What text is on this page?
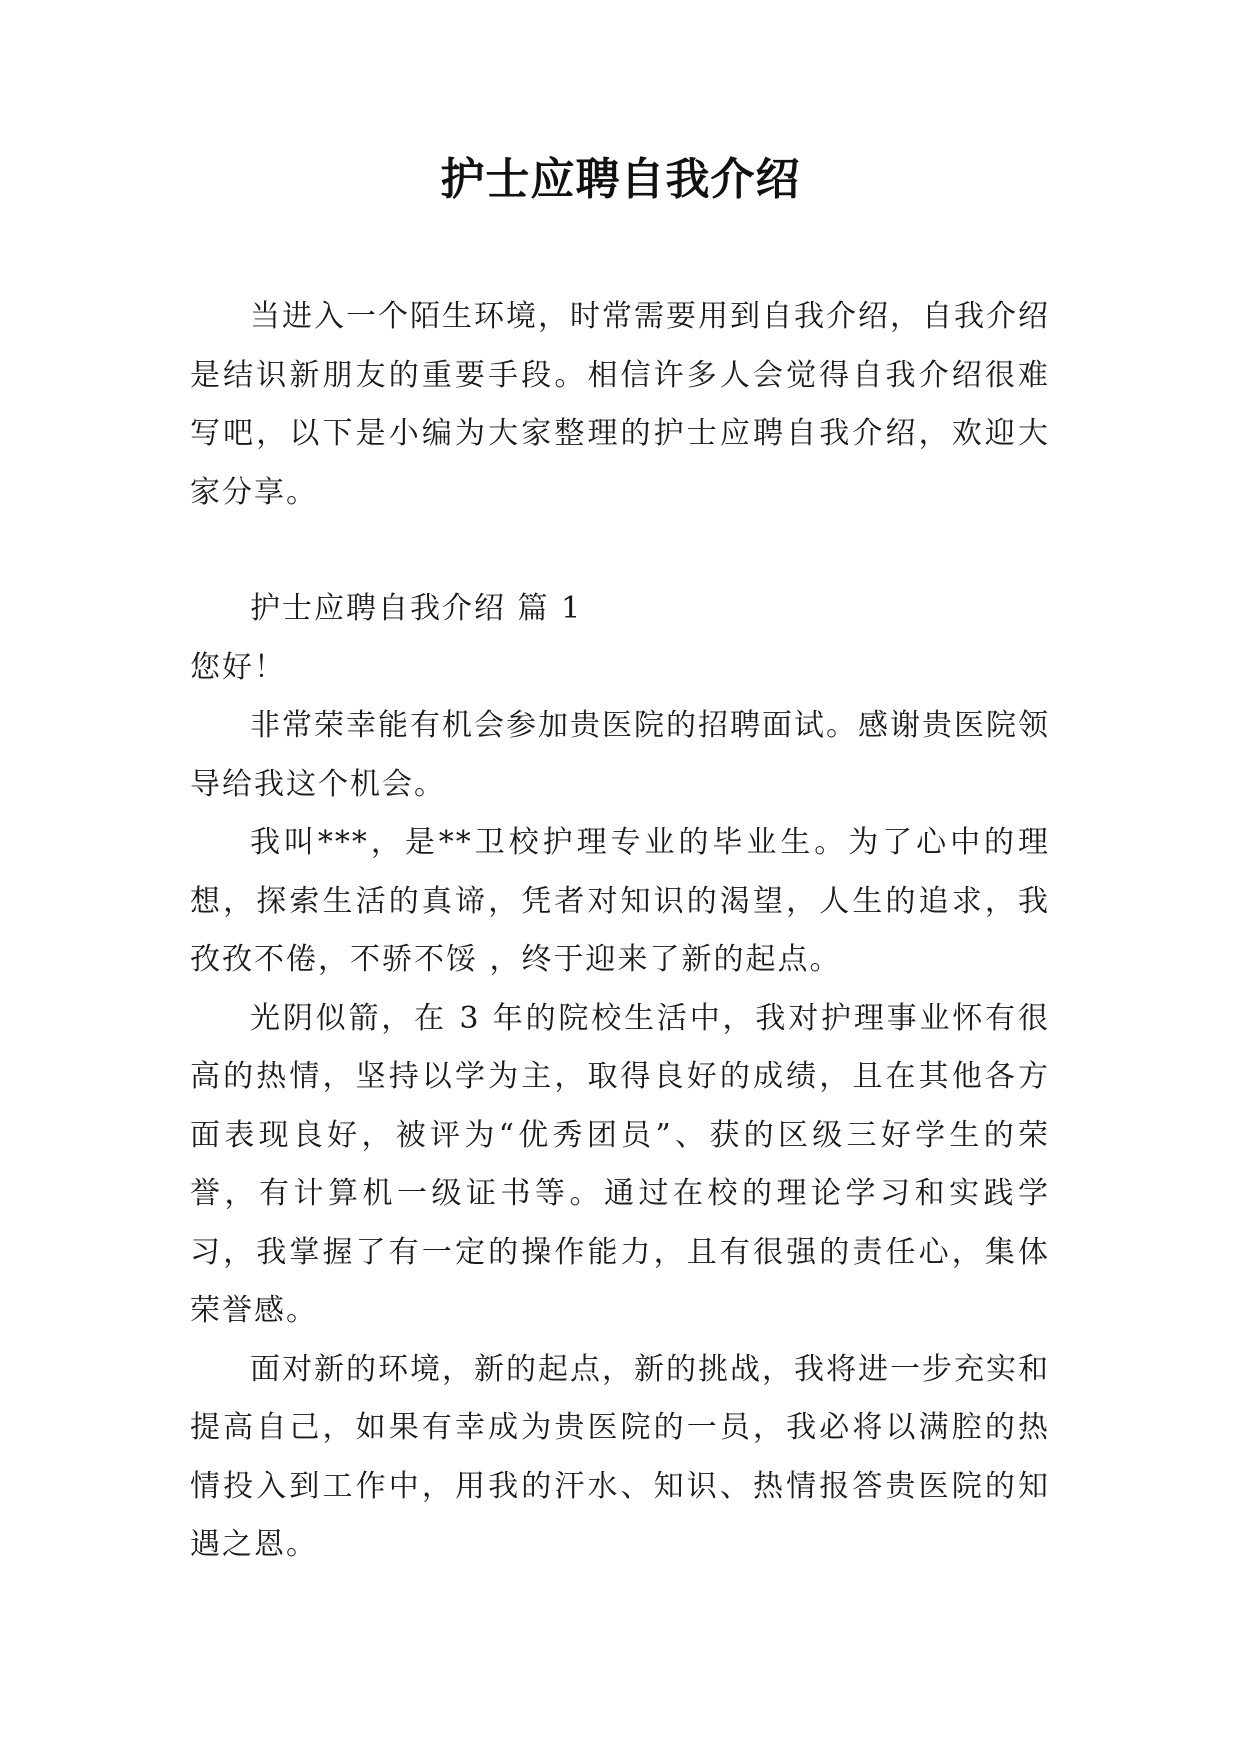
护士应聘自我介绍

当进入一个陌生环境，时常需要用到自我介绍，自我介绍是结识新朋友的重要手段。相信许多人会觉得自我介绍很难写吧，以下是小编为大家整理的护士应聘自我介绍，欢迎大家分享。

护士应聘自我介绍 篇 1

您好！

非常荣幸能有机会参加贵医院的招聘面试。感谢贵医院领导给我这个机会。

我叫***，是**卫校护理专业的毕业生。为了心中的理想，探索生活的真谛，凭者对知识的渴望，人生的追求，我孜孜不倦，不骄不馁 ，终于迎来了新的起点。

光阴似箭，在 3 年的院校生活中，我对护理事业怀有很高的热情，坚持以学为主，取得良好的成绩，且在其他各方面表现良好，被评为“优秀团员”、获的区级三好学生的荣誉，有计算机一级证书等。通过在校的理论学习和实践学习，我掌握了有一定的操作能力，且有很强的责任心，集体荣誉感。

面对新的环境，新的起点，新的挑战，我将进一步充实和提高自己，如果有幸成为贵医院的一员，我必将以满腔的热情投入到工作中，用我的汗水、知识、热情报答贵医院的知遇之恩。
